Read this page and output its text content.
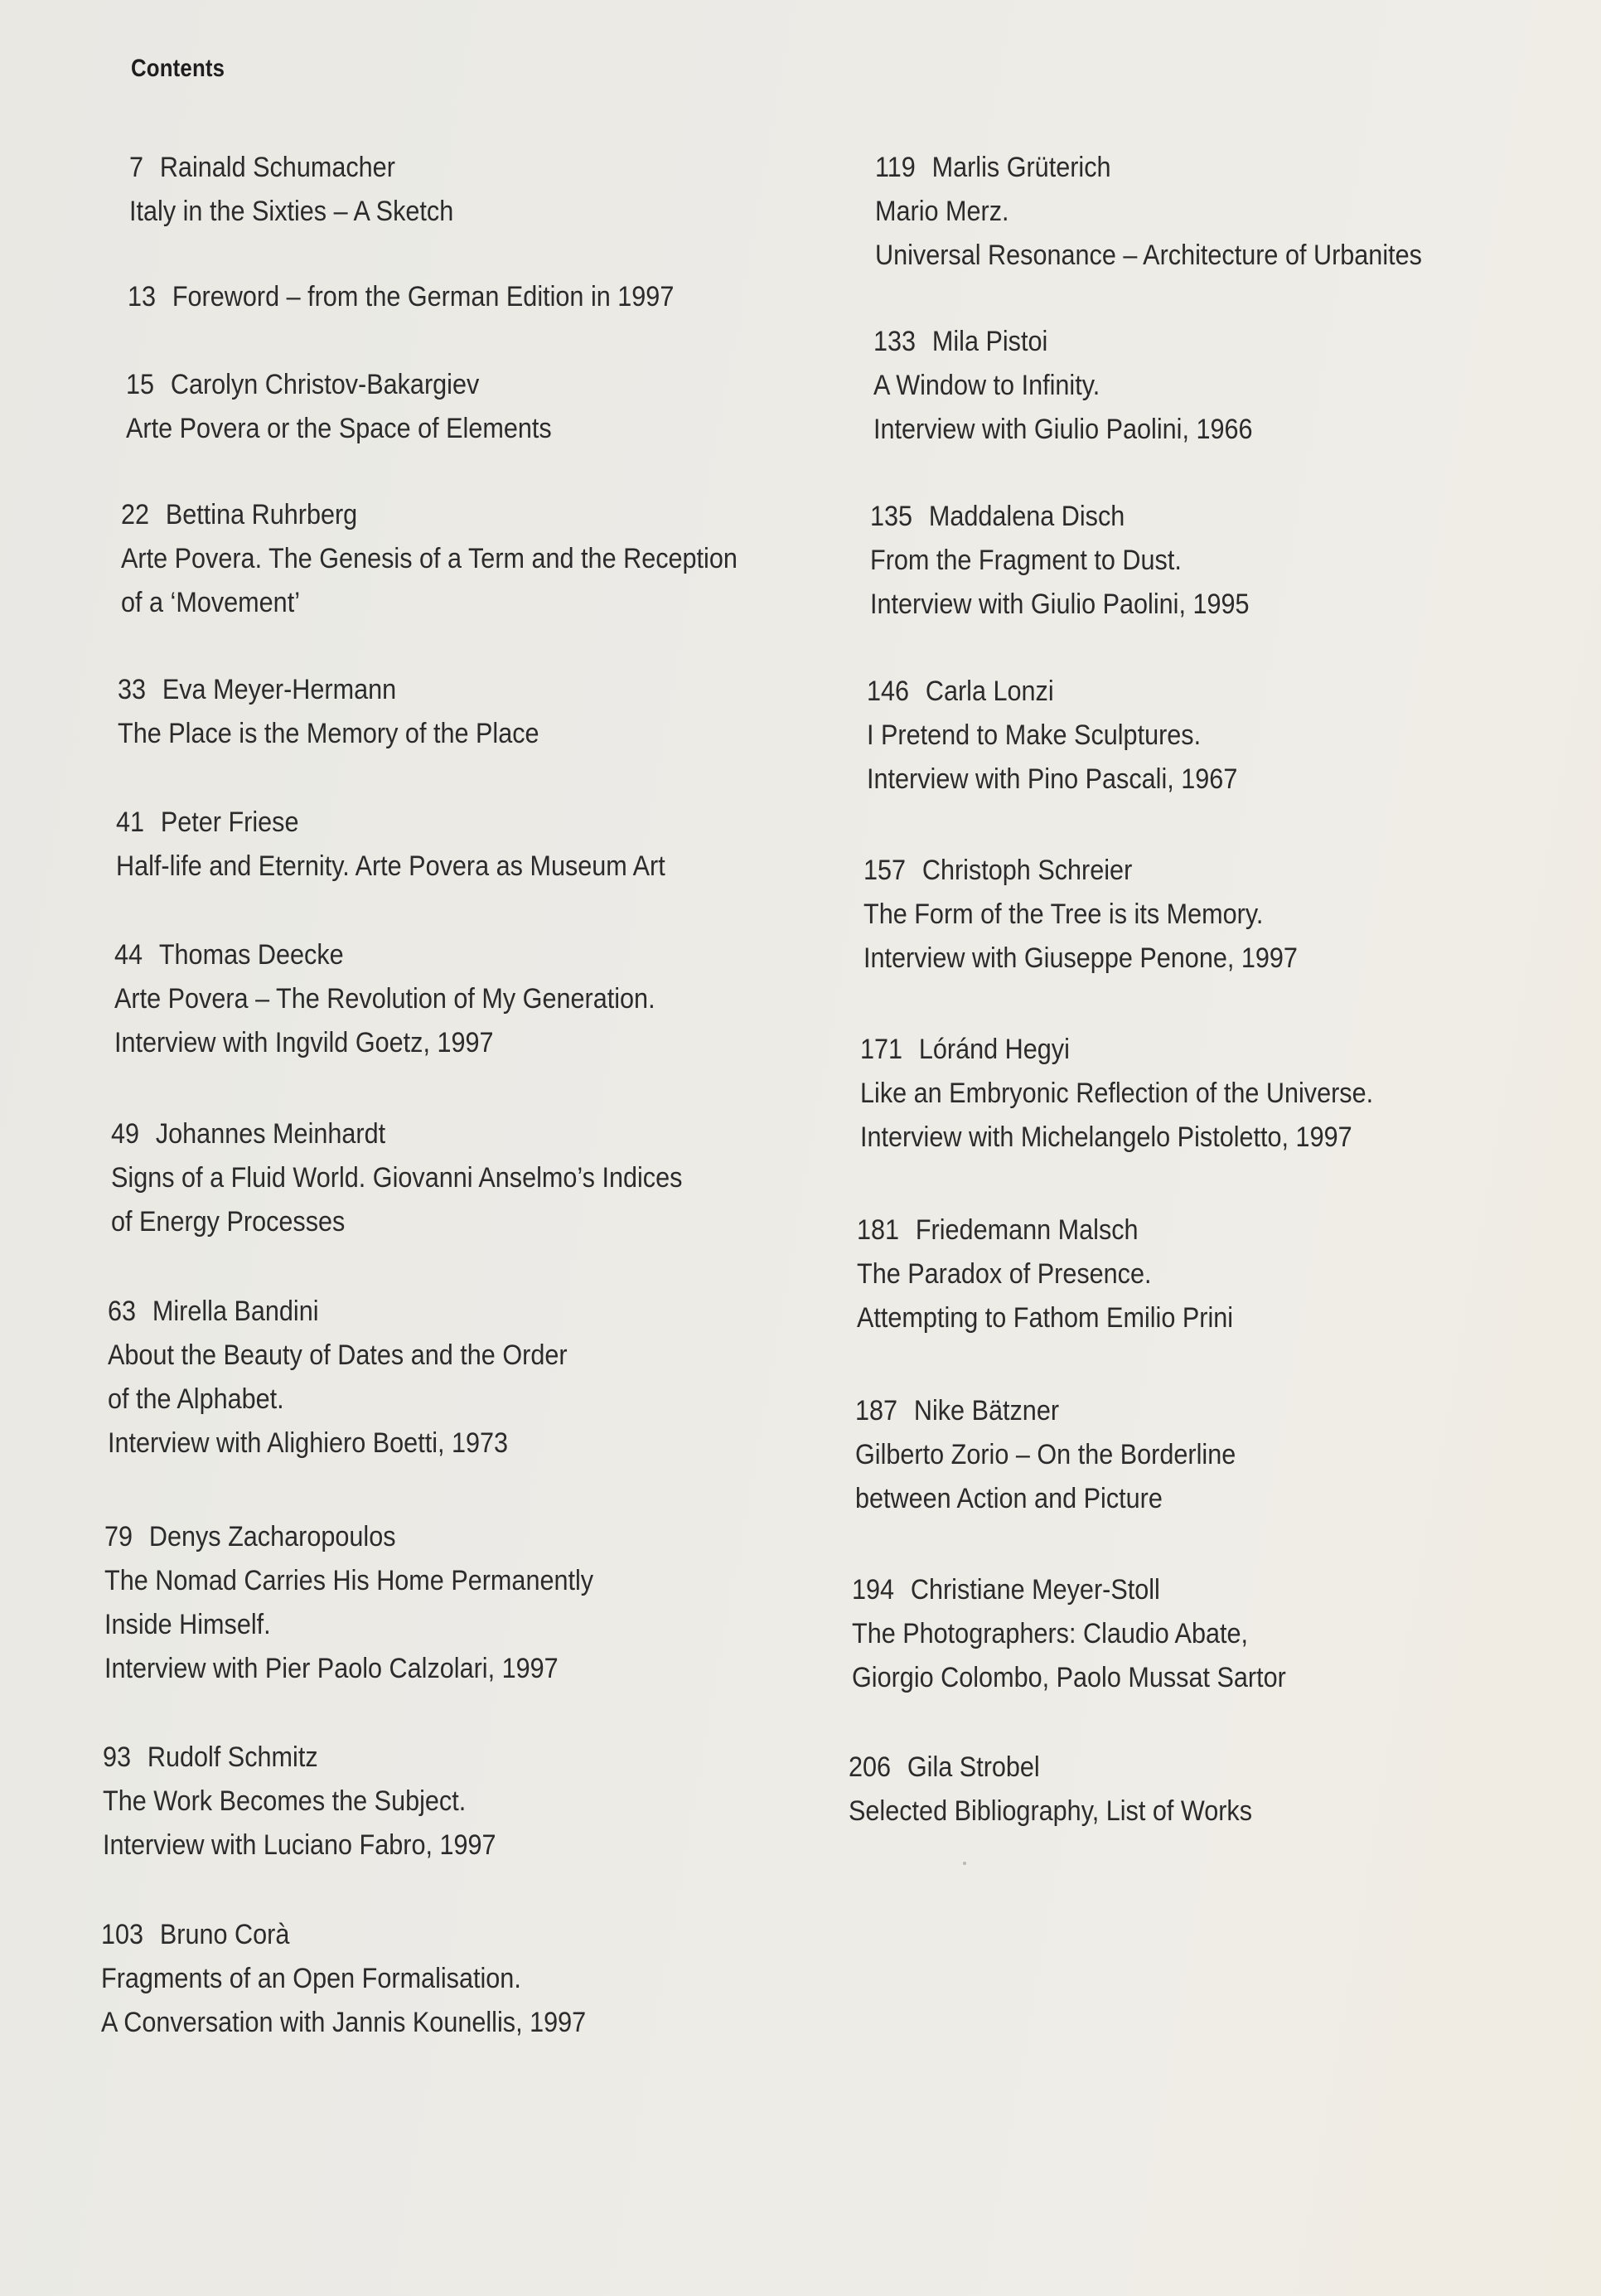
Contents
7 Rainald Schumacher
Italy in the Sixties – A Sketch
13 Foreword – from the German Edition in 1997
15 Carolyn Christov-Bakargiev
Arte Povera or the Space of Elements
22 Bettina Ruhrberg
Arte Povera. The Genesis of a Term and the Reception
of a ‘Movement’
33 Eva Meyer-Hermann
The Place is the Memory of the Place
41 Peter Friese
Half-life and Eternity. Arte Povera as Museum Art
44 Thomas Deecke
Arte Povera – The Revolution of My Generation.
Interview with Ingvild Goetz, 1997
49 Johannes Meinhardt
Signs of a Fluid World. Giovanni Anselmo’s Indices
of Energy Processes
63 Mirella Bandini
About the Beauty of Dates and the Order
of the Alphabet.
Interview with Alighiero Boetti, 1973
79 Denys Zacharopoulos
The Nomad Carries His Home Permanently
Inside Himself.
Interview with Pier Paolo Calzolari, 1997
93 Rudolf Schmitz
The Work Becomes the Subject.
Interview with Luciano Fabro, 1997
103 Bruno Corà
Fragments of an Open Formalisation.
A Conversation with Jannis Kounellis, 1997
119 Marlis Grüterich
Mario Merz.
Universal Resonance – Architecture of Urbanites
133 Mila Pistoi
A Window to Infinity.
Interview with Giulio Paolini, 1966
135 Maddalena Disch
From the Fragment to Dust.
Interview with Giulio Paolini, 1995
146 Carla Lonzi
I Pretend to Make Sculptures.
Interview with Pino Pascali, 1967
157 Christoph Schreier
The Form of the Tree is its Memory.
Interview with Giuseppe Penone, 1997
171 Lóránd Hegyi
Like an Embryonic Reflection of the Universe.
Interview with Michelangelo Pistoletto, 1997
181 Friedemann Malsch
The Paradox of Presence.
Attempting to Fathom Emilio Prini
187 Nike Bätzner
Gilberto Zorio – On the Borderline
between Action and Picture
194 Christiane Meyer-Stoll
The Photographers: Claudio Abate,
Giorgio Colombo, Paolo Mussat Sartor
206 Gila Strobel
Selected Bibliography, List of Works
